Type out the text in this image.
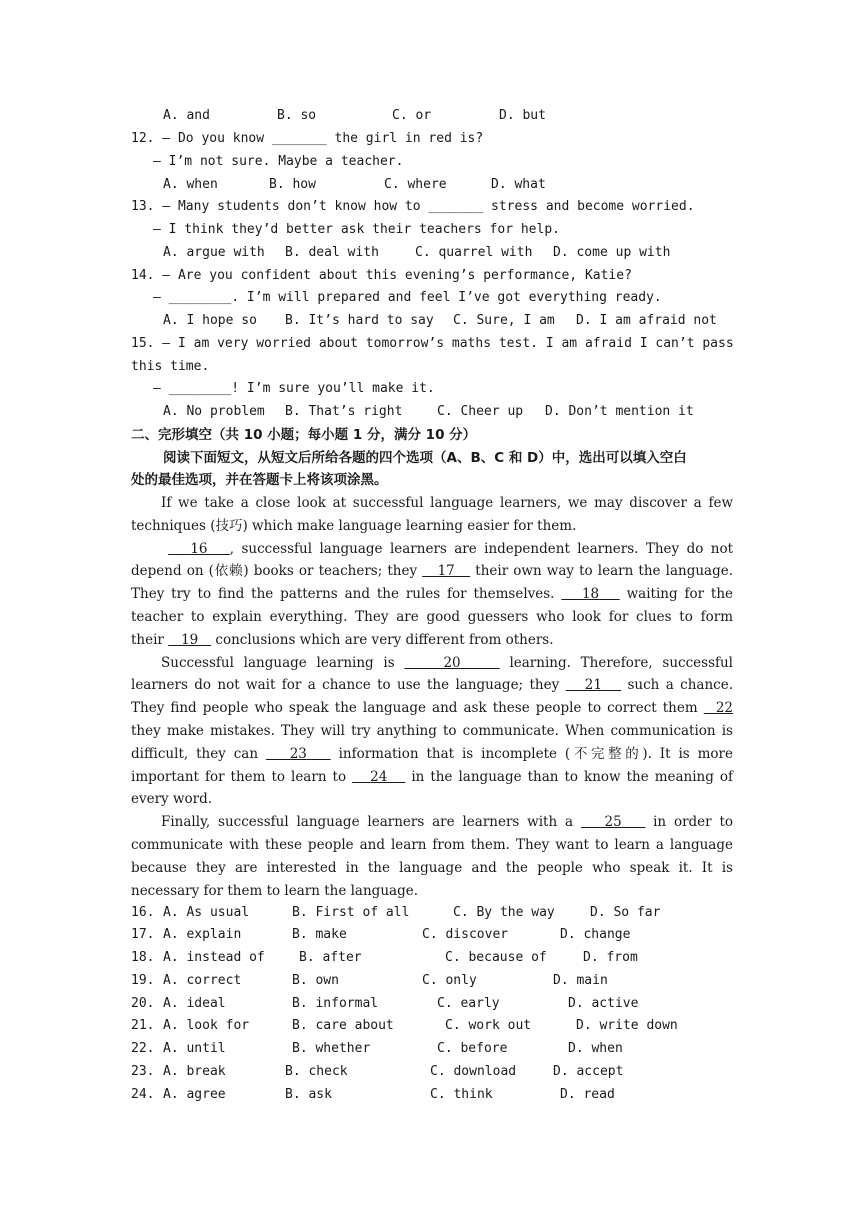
A. and	B. so	C. or	D. but
12. — Do you know _______ the girl in red is?
— I’m not sure. Maybe a teacher.
A. when	B. how	C. where	D. what
13. — Many students don’t know how to _______ stress and become worried.
— I think they’d better ask their teachers for help.
A. argue with B. deal with	C. quarrel with D. come up with
14. — Are you confident about this evening’s performance, Katie?
— ________. I’m will prepared and feel I’ve got everything ready.
A. I hope so B. It’s hard to say C. Sure, I am D. I am afraid not
15. — I am very worried about tomorrow’s maths test. I am afraid I can’t pass
this time.
— ________! I’m sure you’ll make it.
A. No problem B. That’s right	C. Cheer up D. Don’t mention it
二、完形填空（共 10 小题；每小题 1 分，满分 10 分）
阅读下面短文，从短文后所给各题的四个选项（A、B、C 和 D）中，选出可以填入空白
处的最佳选项，并在答题卡上将该项涂黑。

If we take a close look at successful language learners, we may discover a few

techniques (技巧) which make language learning easier for them.

16 , successful language learners are independent learners. They do not

depend on (依赖) books or teachers; they 17 their own way to learn the language.

They try to find the patterns and the rules for themselves. 18 waiting for the

teacher to explain everything. They are good guessers who look for clues to form

their 19 conclusions which are very different from others.

Successful language learning is	20	learning. Therefore, successful

learners do not wait for a chance to use the language; they 21 such a chance.

They find people who speak the language and ask these people to correct them 22

they make mistakes. They will try anything to communicate. When communication is

difficult, they can 23 information that is incomplete (不完整的). It is more

important for them to learn to 24 in the language than to know the meaning of

every word.

Finally, successful language learners are learners with a 25 in order to

communicate with these people and learn from them. They want to learn a language

because they are interested in the language and the people who speak it. It is

necessary for them to learn the language.

16. A. As usual	B. First of all	C. By the way	D. So far
17. A. explain	B. make	C. discover	D. change
18. A. instead of	B. after	C. because of	D. from
19. A. correct	B. own	C. only	D. main
20. A. ideal	B. informal	C. early	D. active
21. A. look for	B. care about	C. work out	D. write down
22. A. until	B. whether	C. before	D. when
23. A. break	B. check	C. download	D. accept
24. A. agree	B. ask	C. think	D. read
